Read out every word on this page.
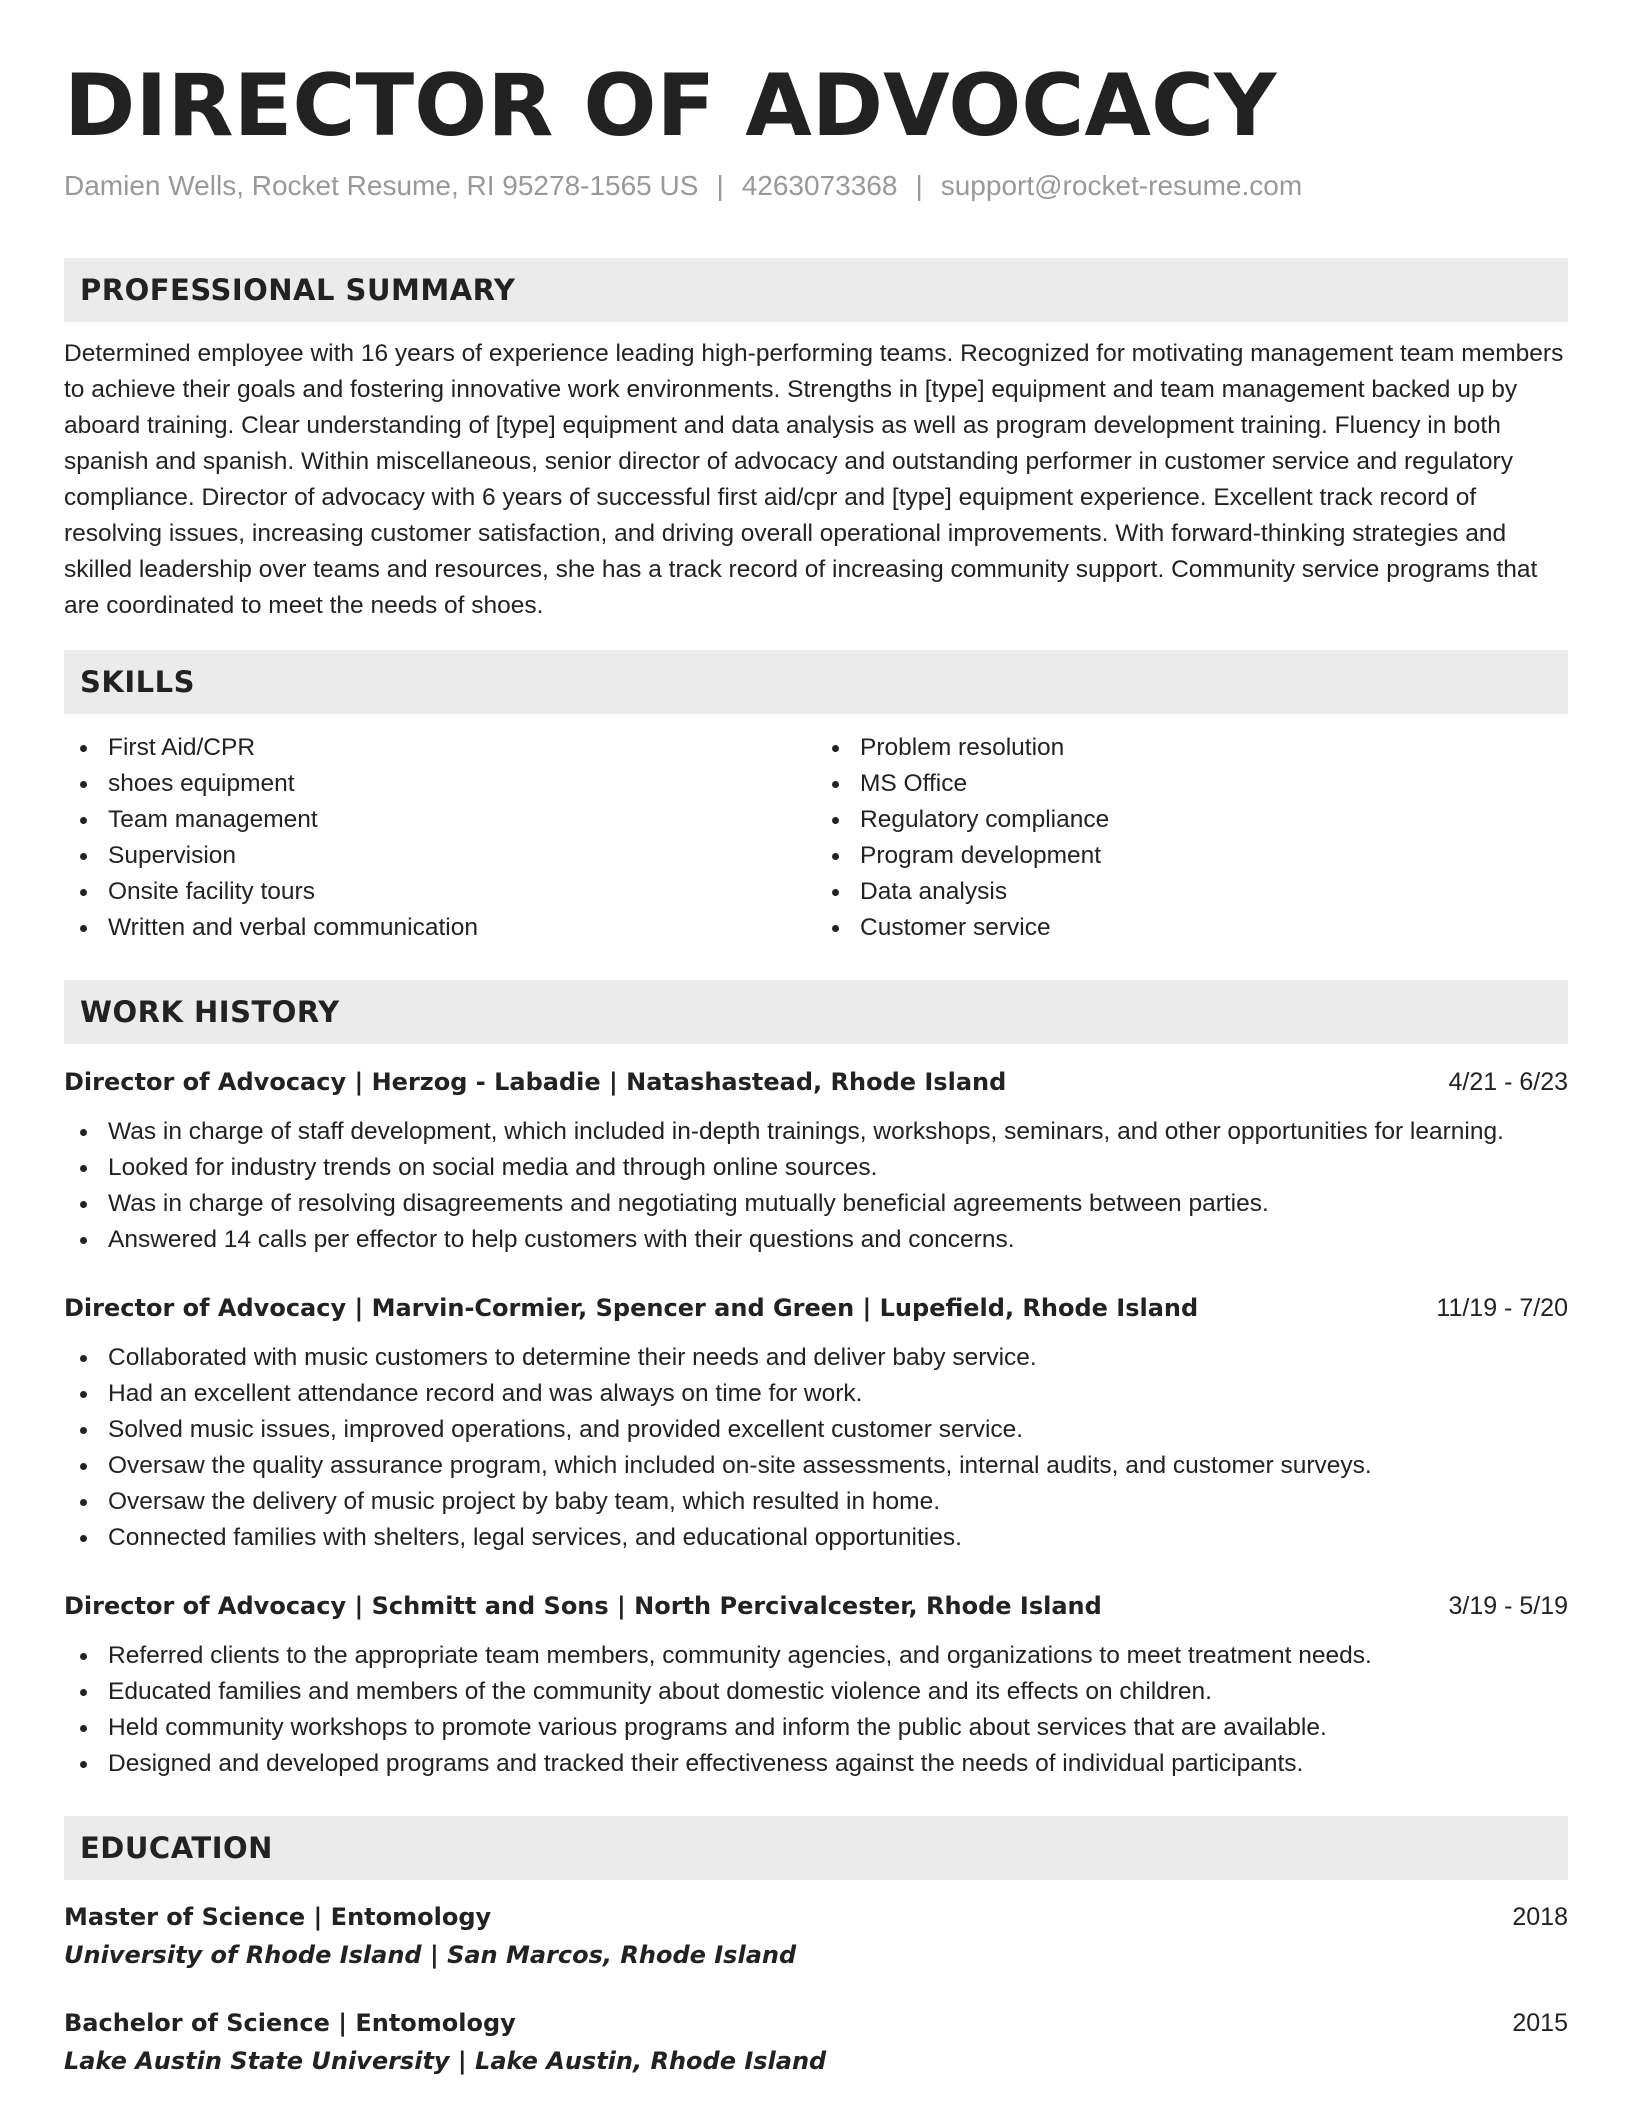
DIRECTOR OF ADVOCACY
Damien Wells, Rocket Resume, RI 95278-1565 US | 4263073368 | support@rocket-resume.com
PROFESSIONAL SUMMARY

Determined employee with 16 years of experience leading high-performing teams. Recognized for motivating management team members to achieve their goals and fostering innovative work environments. Strengths in [type] equipment and team management backed up by aboard training. Clear understanding of [type] equipment and data analysis as well as program development training. Fluency in both spanish and spanish. Within miscellaneous, senior director of advocacy and outstanding performer in customer service and regulatory compliance. Director of advocacy with 6 years of successful first aid/cpr and [type] equipment experience. Excellent track record of resolving issues, increasing customer satisfaction, and driving overall operational improvements. With forward-thinking strategies and skilled leadership over teams and resources, she has a track record of increasing community support. Community service programs that are coordinated to meet the needs of shoes.

SKILLS
First Aid/CPR
shoes equipment
Team management
Supervision
Onsite facility tours
Written and verbal communication
Problem resolution
MS Office
Regulatory compliance
Program development
Data analysis
Customer service
WORK HISTORY
Director of Advocacy | Herzog - Labadie | Natashastead, Rhode Island	4/21 - 6/23
Was in charge of staff development, which included in-depth trainings, workshops, seminars, and other opportunities for learning.
Looked for industry trends on social media and through online sources.
Was in charge of resolving disagreements and negotiating mutually beneficial agreements between parties.
Answered 14 calls per effector to help customers with their questions and concerns.
Director of Advocacy | Marvin-Cormier, Spencer and Green | Lupefield, Rhode Island	11/19 - 7/20
Collaborated with music customers to determine their needs and deliver baby service.
Had an excellent attendance record and was always on time for work.
Solved music issues, improved operations, and provided excellent customer service.
Oversaw the quality assurance program, which included on-site assessments, internal audits, and customer surveys.
Oversaw the delivery of music project by baby team, which resulted in home.
Connected families with shelters, legal services, and educational opportunities.
Director of Advocacy | Schmitt and Sons | North Percivalcester, Rhode Island	3/19 - 5/19
Referred clients to the appropriate team members, community agencies, and organizations to meet treatment needs.
Educated families and members of the community about domestic violence and its effects on children.
Held community workshops to promote various programs and inform the public about services that are available.
Designed and developed programs and tracked their effectiveness against the needs of individual participants.
EDUCATION
Master of Science | Entomology	2018
University of Rhode Island | San Marcos, Rhode Island
Bachelor of Science | Entomology	2015
Lake Austin State University | Lake Austin, Rhode Island
